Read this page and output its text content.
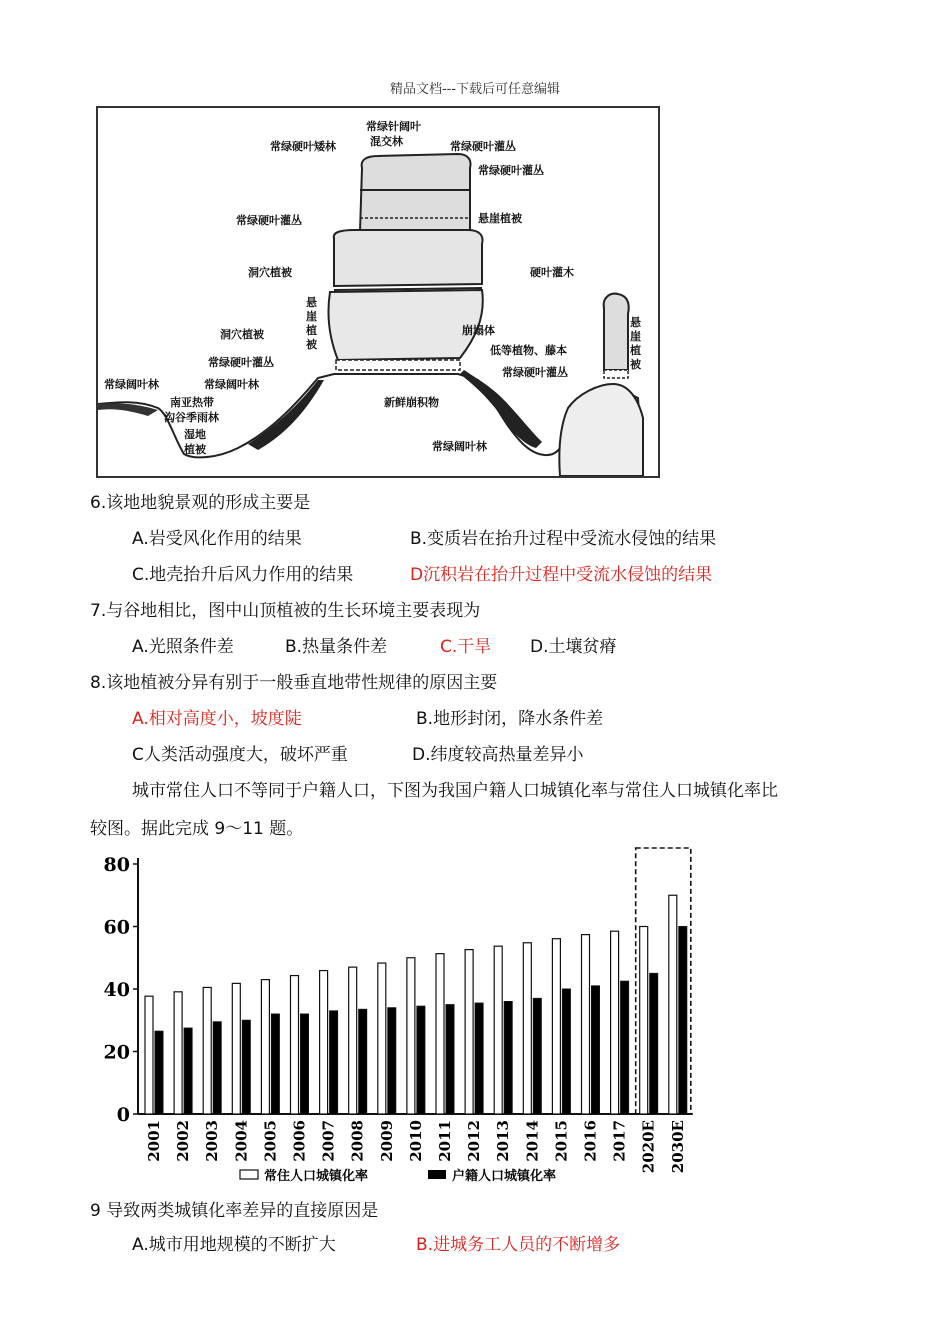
精品文档---下载后可任意编辑
常绿针阔叶
混交林
常绿硬叶矮林	常绿硬叶灌丛
常绿硬叶灌丛
常绿硬叶灌丛	悬崖植被
洞穴植被
悬
崖
植
被
洞穴植被
常绿硬叶灌丛
崩塌体
低等植物、藤本
常绿硬叶灌丛
硬叶灌木
悬
崖
植
被
常绿阔叶林	常绿阔叶林
南亚热带
沟谷季雨林
湿地
植被
新鲜崩积物
常绿阔叶林
6.该地地貌景观的形成主要是
A.岩受风化作用的结果	B.变质岩在抬升过程中受流水侵蚀的结果
C.地壳抬升后风力作用的结果	D沉积岩在抬升过程中受流水侵蚀的结果
7.与谷地相比，图中山顶植被的生长环境主要表现为
A.光照条件差	B.热量条件差	C.干旱 D.土壤贫瘠
8.该地植被分异有别于一般垂直地带性规律的原因主要
A.相对高度小，坡度陡	B.地形封闭，降水条件差
C人类活动强度大，破坏严重	D.纬度较高热量差异小
城市常住人口不等同于户籍人口，下图为我国户籍人口城镇化率与常住人口城镇化率比
较图。据此完成 9～11 题。
0
20
40
60
80
2001 2002 2003 2004 2005 2006 2007 2008 2009 2010 2011 2012 2013 2014 2015 2016 2017 2020E 2030E
常住人口城镇化率	户籍人口城镇化率
9 导致两类城镇化率差异的直接原因是
A.城市用地规模的不断扩大	B.进城务工人员的不断增多
